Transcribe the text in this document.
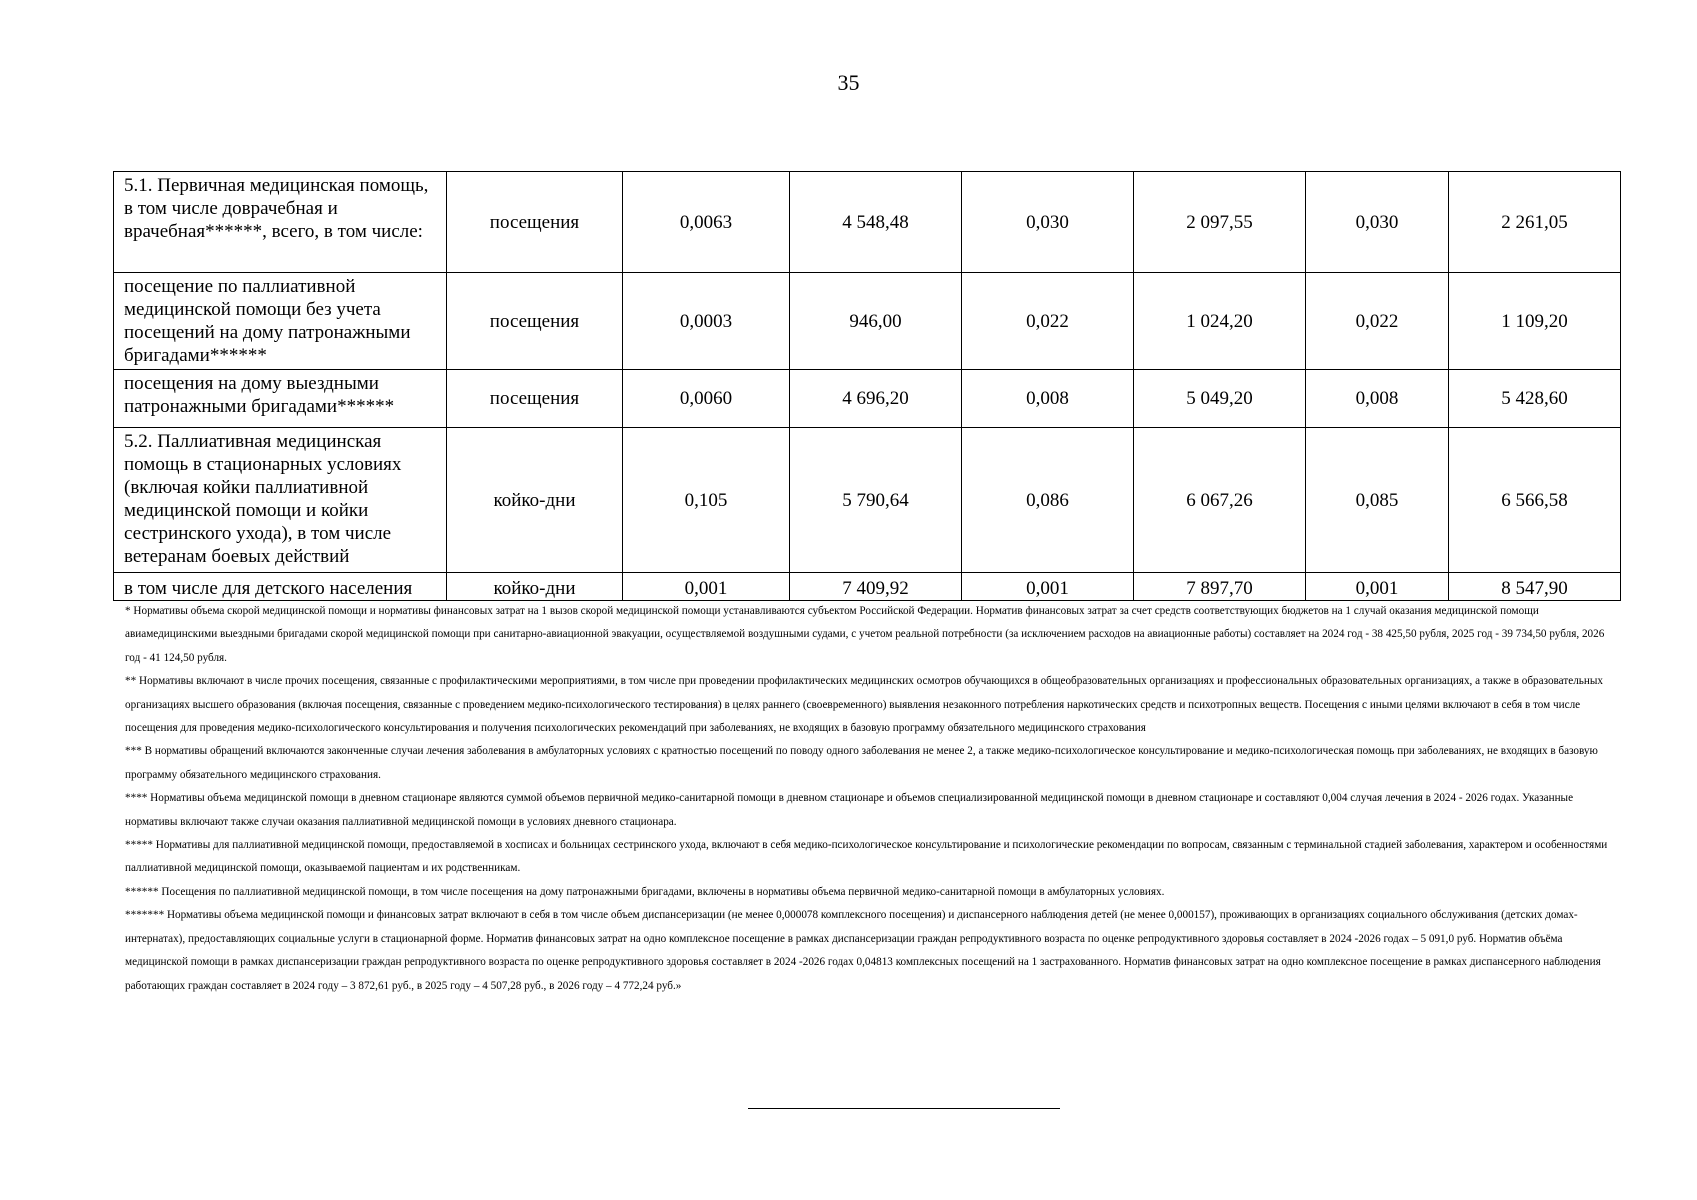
35
5.1. Первичная медицинская помощь, в том числе доврачебная и врачебная******, всего, в том числе:	посещения	0,0063	4 548,48	0,030	2 097,55	0,030	2 261,05
посещение по паллиативной медицинской помощи без учета посещений на дому патронажными бригадами******	посещения	0,0003	946,00	0,022	1 024,20	0,022	1 109,20
посещения на дому выездными патронажными бригадами******	посещения	0,0060	4 696,20	0,008	5 049,20	0,008	5 428,60
5.2. Паллиативная медицинская помощь в стационарных условиях (включая койки паллиативной медицинской помощи и койки сестринского ухода), в том числе ветеранам боевых действий	койко-дни	0,105	5 790,64	0,086	6 067,26	0,085	6 566,58
в том числе для детского населения	койко-дни	0,001	7 409,92	0,001	7 897,70	0,001	8 547,90

* Нормативы объема скорой медицинской помощи и нормативы финансовых затрат на 1 вызов скорой медицинской помощи устанавливаются субъектом Российской Федерации. Норматив финансовых затрат за счет средств соответствующих бюджетов на 1 случай оказания медицинской помощи авиамедицинскими выездными бригадами скорой медицинской помощи при санитарно-авиационной эвакуации, осуществляемой воздушными судами, с учетом реальной потребности (за исключением расходов на авиационные работы) составляет на 2024 год - 38 425,50 рубля, 2025 год - 39 734,50 рубля, 2026 год - 41 124,50 рубля.

** Нормативы включают в числе прочих посещения, связанные с профилактическими мероприятиями, в том числе при проведении профилактических медицинских осмотров обучающихся в общеобразовательных организациях и профессиональных образовательных организациях, а также в образовательных организациях высшего образования (включая посещения, связанные с проведением медико-психологического тестирования) в целях раннего (своевременного) выявления незаконного потребления наркотических средств и психотропных веществ. Посещения с иными целями включают в себя в том числе посещения для проведения медико-психологического консультирования и получения психологических рекомендаций при заболеваниях, не входящих в базовую программу обязательного медицинского страхования

*** В нормативы обращений включаются законченные случаи лечения заболевания в амбулаторных условиях с кратностью посещений по поводу одного заболевания не менее 2, а также медико-психологическое консультирование и медико-психологическая помощь при заболеваниях, не входящих в базовую программу обязательного медицинского страхования.

**** Нормативы объема медицинской помощи в дневном стационаре являются суммой объемов первичной медико-санитарной помощи в дневном стационаре и объемов специализированной медицинской помощи в дневном стационаре и составляют 0,004 случая лечения в 2024 - 2026 годах. Указанные нормативы включают также случаи оказания паллиативной медицинской помощи в условиях дневного стационара.

***** Нормативы для паллиативной медицинской помощи, предоставляемой в хосписах и больницах сестринского ухода, включают в себя медико-психологическое консультирование и психологические рекомендации по вопросам, связанным с терминальной стадией заболевания, характером и особенностями паллиативной медицинской помощи, оказываемой пациентам и их родственникам.

****** Посещения по паллиативной медицинской помощи, в том числе посещения на дому патронажными бригадами, включены в нормативы объема первичной медико-санитарной помощи в амбулаторных условиях.

******* Нормативы объема медицинской помощи и финансовых затрат включают в себя в том числе объем диспансеризации (не менее 0,000078 комплексного посещения) и диспансерного наблюдения детей (не менее 0,000157), проживающих в организациях социального обслуживания (детских домах-интернатах), предоставляющих социальные услуги в стационарной форме. Норматив финансовых затрат на одно комплексное посещение в рамках диспансеризации граждан репродуктивного возраста по оценке репродуктивного здоровья составляет в 2024 -2026 годах – 5 091,0 руб. Норматив объёма медицинской помощи в рамках диспансеризации граждан репродуктивного возраста по оценке репродуктивного здоровья составляет в 2024 -2026 годах 0,04813 комплексных посещений на 1 застрахованного. Норматив финансовых затрат на одно комплексное посещение в рамках диспансерного наблюдения работающих граждан составляет в 2024 году – 3 872,61 руб., в 2025 году – 4 507,28 руб., в 2026 году – 4 772,24 руб.»
